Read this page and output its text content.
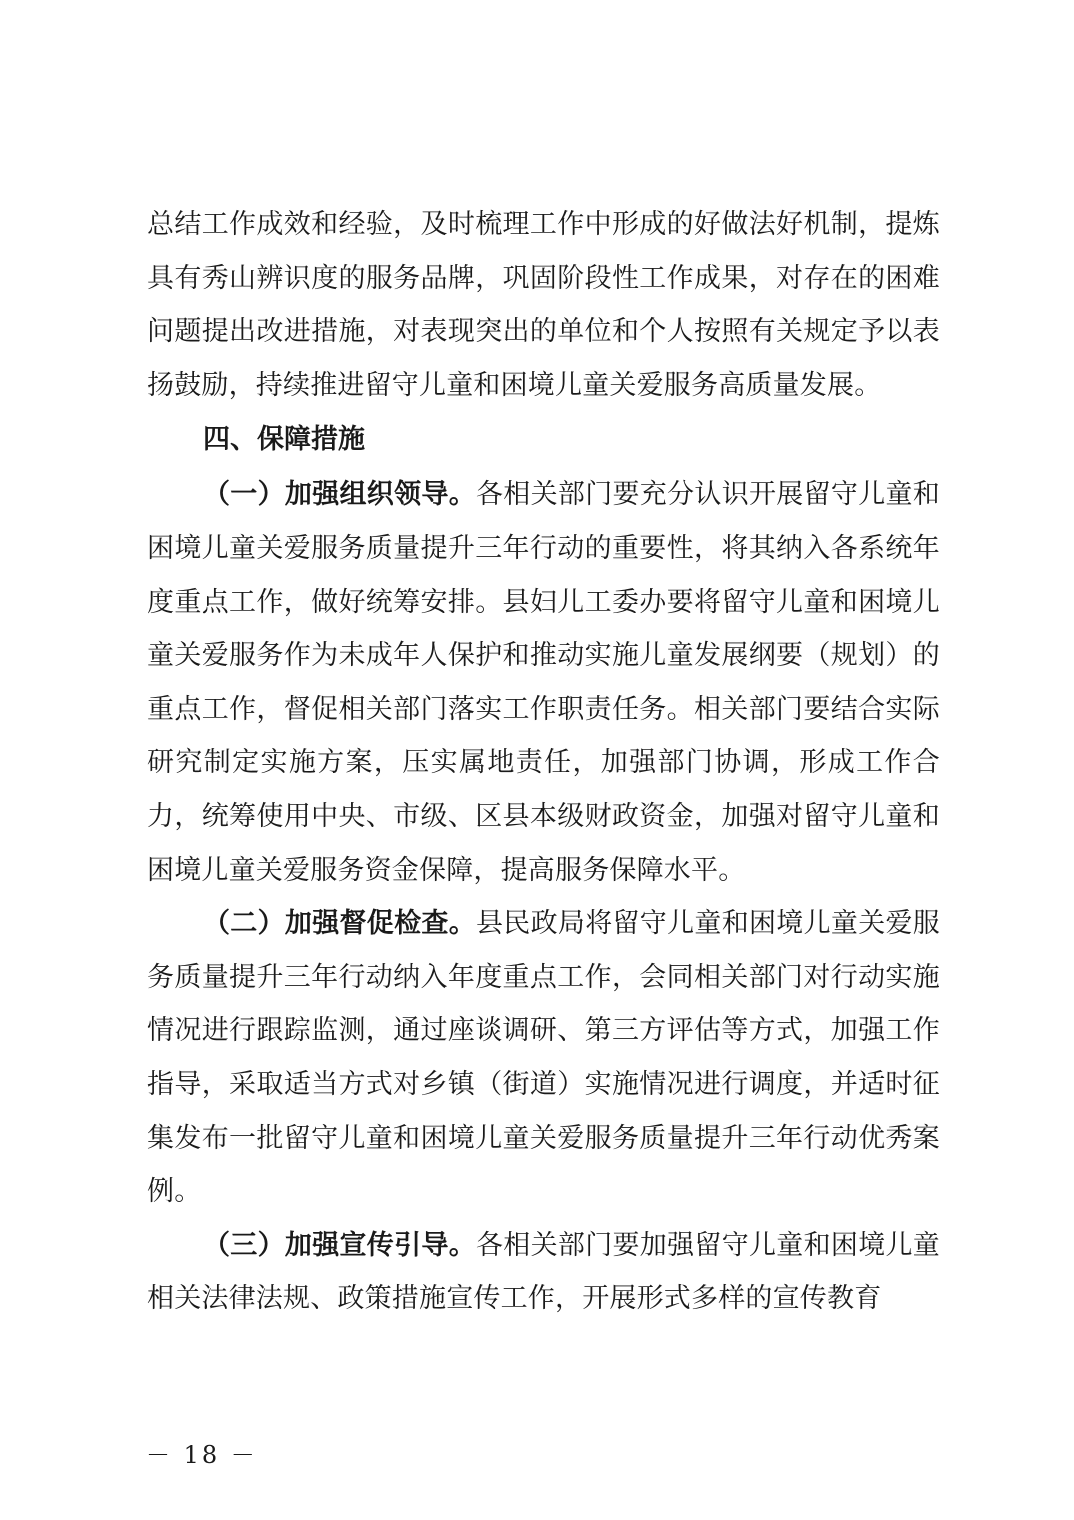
总结工作成效和经验，及时梳理工作中形成的好做法好机制，提炼具有秀山辨识度的服务品牌，巩固阶段性工作成果，对存在的困难问题提出改进措施，对表现突出的单位和个人按照有关规定予以表扬鼓励，持续推进留守儿童和困境儿童关爱服务高质量发展。

四、保障措施

（一）加强组织领导。各相关部门要充分认识开展留守儿童和困境儿童关爱服务质量提升三年行动的重要性，将其纳入各系统年度重点工作，做好统筹安排。县妇儿工委办要将留守儿童和困境儿童关爱服务作为未成年人保护和推动实施儿童发展纲要（规划）的重点工作，督促相关部门落实工作职责任务。相关部门要结合实际研究制定实施方案，压实属地责任，加强部门协调，形成工作合力，统筹使用中央、市级、区县本级财政资金，加强对留守儿童和困境儿童关爱服务资金保障，提高服务保障水平。

（二）加强督促检查。县民政局将留守儿童和困境儿童关爱服务质量提升三年行动纳入年度重点工作，会同相关部门对行动实施情况进行跟踪监测，通过座谈调研、第三方评估等方式，加强工作指导，采取适当方式对乡镇（街道）实施情况进行调度，并适时征集发布一批留守儿童和困境儿童关爱服务质量提升三年行动优秀案例。

（三）加强宣传引导。各相关部门要加强留守儿童和困境儿童相关法律法规、政策措施宣传工作，开展形式多样的宣传教育

－ 18 －
